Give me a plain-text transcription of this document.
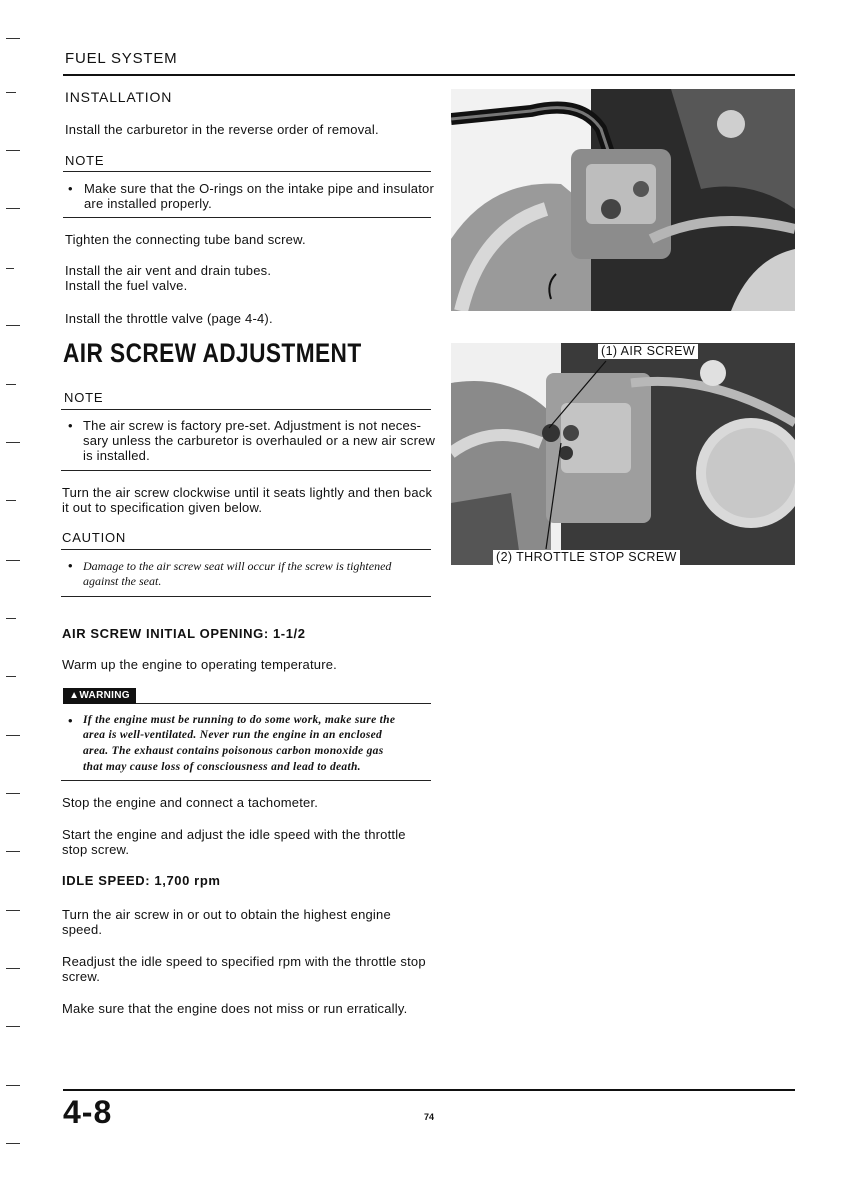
FUEL SYSTEM
INSTALLATION
Install the carburetor in the reverse order of removal.
NOTE
• Make sure that the O-rings on the intake pipe and insulator
are installed properly.
Tighten the connecting tube band screw.
Install the air vent and drain tubes.
Install the fuel valve.
Install the throttle valve (page 4-4).
AIR SCREW ADJUSTMENT
NOTE
• The air screw is factory pre-set. Adjustment is not neces-
sary unless the carburetor is overhauled or a new air screw
is installed.
Turn the air screw clockwise until it seats lightly and then back
it out to specification given below.
CAUTION
• Damage to the air screw seat will occur if the screw is tightened
against the seat.
AIR SCREW INITIAL OPENING: 1-1/2
Warm up the engine to operating temperature.
▲WARNING
• If the engine must be running to do some work, make sure the
area is well-ventilated. Never run the engine in an enclosed
area. The exhaust contains poisonous carbon monoxide gas
that may cause loss of consciousness and lead to death.
Stop the engine and connect a tachometer.
Start the engine and adjust the idle speed with the throttle
stop screw.
IDLE SPEED: 1,700 rpm
Turn the air screw in or out to obtain the highest engine
speed.
Readjust the idle speed to specified rpm with the throttle stop
screw.
Make sure that the engine does not miss or run erratically.
(1) AIR SCREW
(2) THROTTLE STOP SCREW
4-8	74
